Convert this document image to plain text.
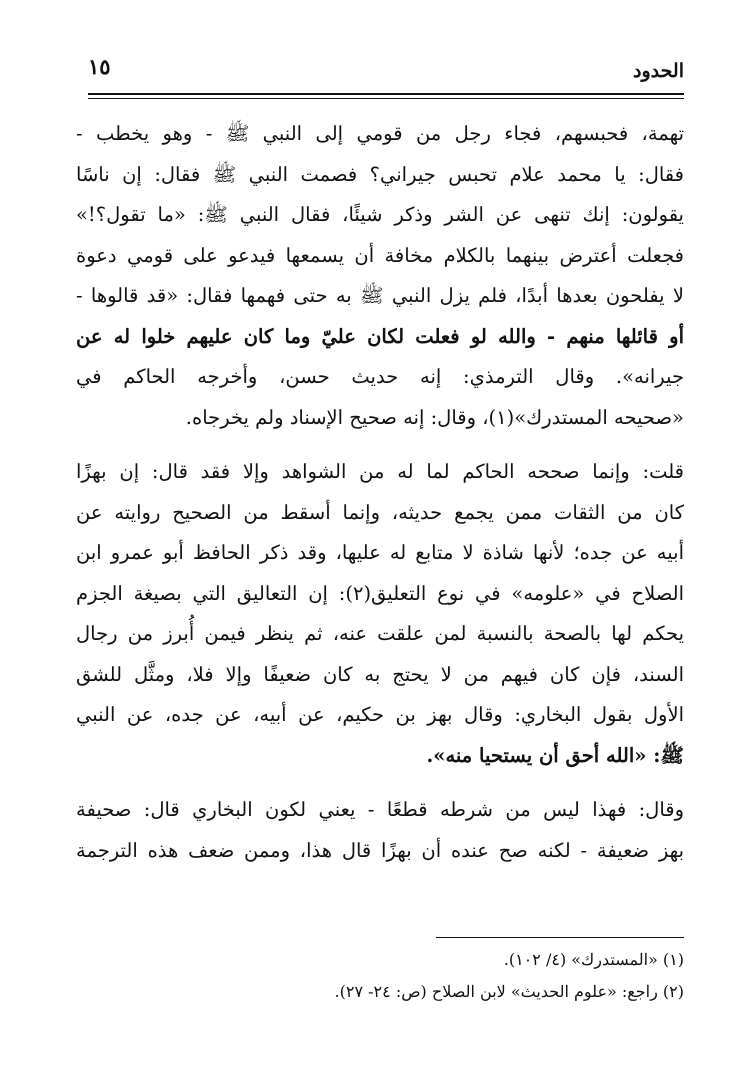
الحدود
١٥

تهمة، فحبسهم، فجاء رجل من قومي إلى النبي ﷺ - وهو يخطب -
فقال: يا محمد علام تحبس جيراني؟ فصمت النبي ﷺ فقال: إن ناسًا
يقولون: إنك تنهى عن الشر وذكر شيئًا، فقال النبي ﷺ: «ما تقول؟!»
فجعلت أعترض بينهما بالكلام مخافة أن يسمعها فيدعو على قومي دعوة
لا يفلحون بعدها أبدًا، فلم يزل النبي ﷺ به حتى فهمها فقال: «قد قالوها -
أو قائلها منهم - والله لو فعلت لكان عليّ وما كان عليهم خلوا له عن
جيرانه». وقال الترمذي: إنه حديث حسن، وأخرجه الحاكم في
«صحيحه المستدرك»(١)، وقال: إنه صحيح الإسناد ولم يخرجاه.

قلت: وإنما صححه الحاكم لما له من الشواهد وإلا فقد قال: إن بهزًا
كان من الثقات ممن يجمع حديثه، وإنما أسقط من الصحيح روايته عن
أبيه عن جده؛ لأنها شاذة لا متابع له عليها، وقد ذكر الحافظ أبو عمرو ابن
الصلاح في «علومه» في نوع التعليق(٢): إن التعاليق التي بصيغة الجزم
يحكم لها بالصحة بالنسبة لمن علقت عنه، ثم ينظر فيمن أُبرز من رجال
السند، فإن كان فيهم من لا يحتج به كان ضعيفًا وإلا فلا، ومثَّل للشق
الأول بقول البخاري: وقال بهز بن حكيم، عن أبيه، عن جده، عن النبي
ﷺ: «الله أحق أن يستحيا منه».

وقال: فهذا ليس من شرطه قطعًا - يعني لكون البخاري قال: صحيفة
بهز ضعيفة - لكنه صح عنده أن بهزًا قال هذا، وممن ضعف هذه الترجمة

(١) «المستدرك» (٤/ ١٠٢).
(٢) راجع: «علوم الحديث» لابن الصلاح (ص: ٢٤- ٢٧).
